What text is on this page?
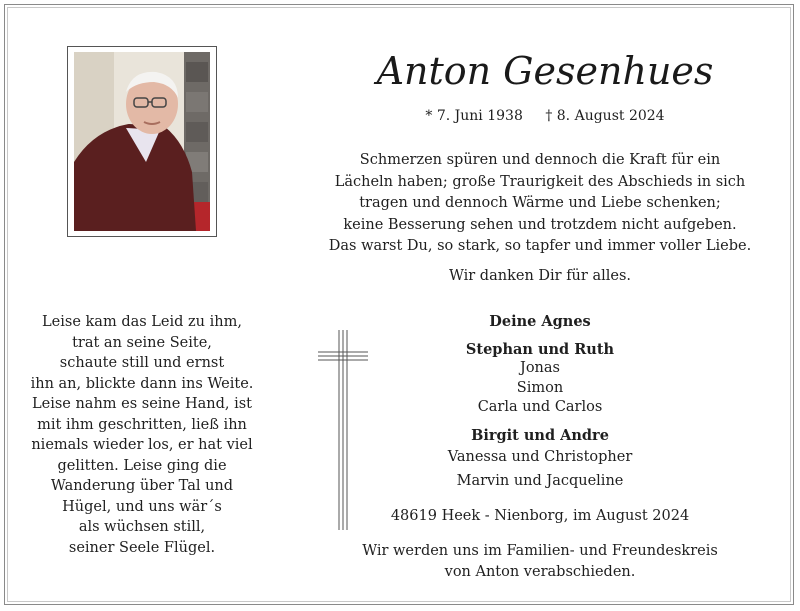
Anton Gesenhues
* 7. Juni 1938 † 8. August 2024
Schmerzen spüren und dennoch die Kraft für ein
Lächeln haben; große Traurigkeit des Abschieds in sich
tragen und dennoch Wärme und Liebe schenken;
keine Besserung sehen und trotzdem nicht aufgeben.
Das warst Du, so stark, so tapfer und immer voller Liebe.
Wir danken Dir für alles.
Leise kam das Leid zu ihm,
trat an seine Seite,
schaute still und ernst
ihn an, blickte dann ins Weite.
Leise nahm es seine Hand, ist
mit ihm geschritten, ließ ihn
niemals wieder los, er hat viel
gelitten. Leise ging die
Wanderung über Tal und
Hügel, und uns wär´s
als wüchsen still,
seiner Seele Flügel.
Deine Agnes
Stephan und Ruth
Jonas
Simon
Carla und Carlos
Birgit und Andre
Vanessa und Christopher
Marvin und Jacqueline
48619 Heek - Nienborg, im August 2024
Wir werden uns im Familien- und Freundeskreis
von Anton verabschieden.
